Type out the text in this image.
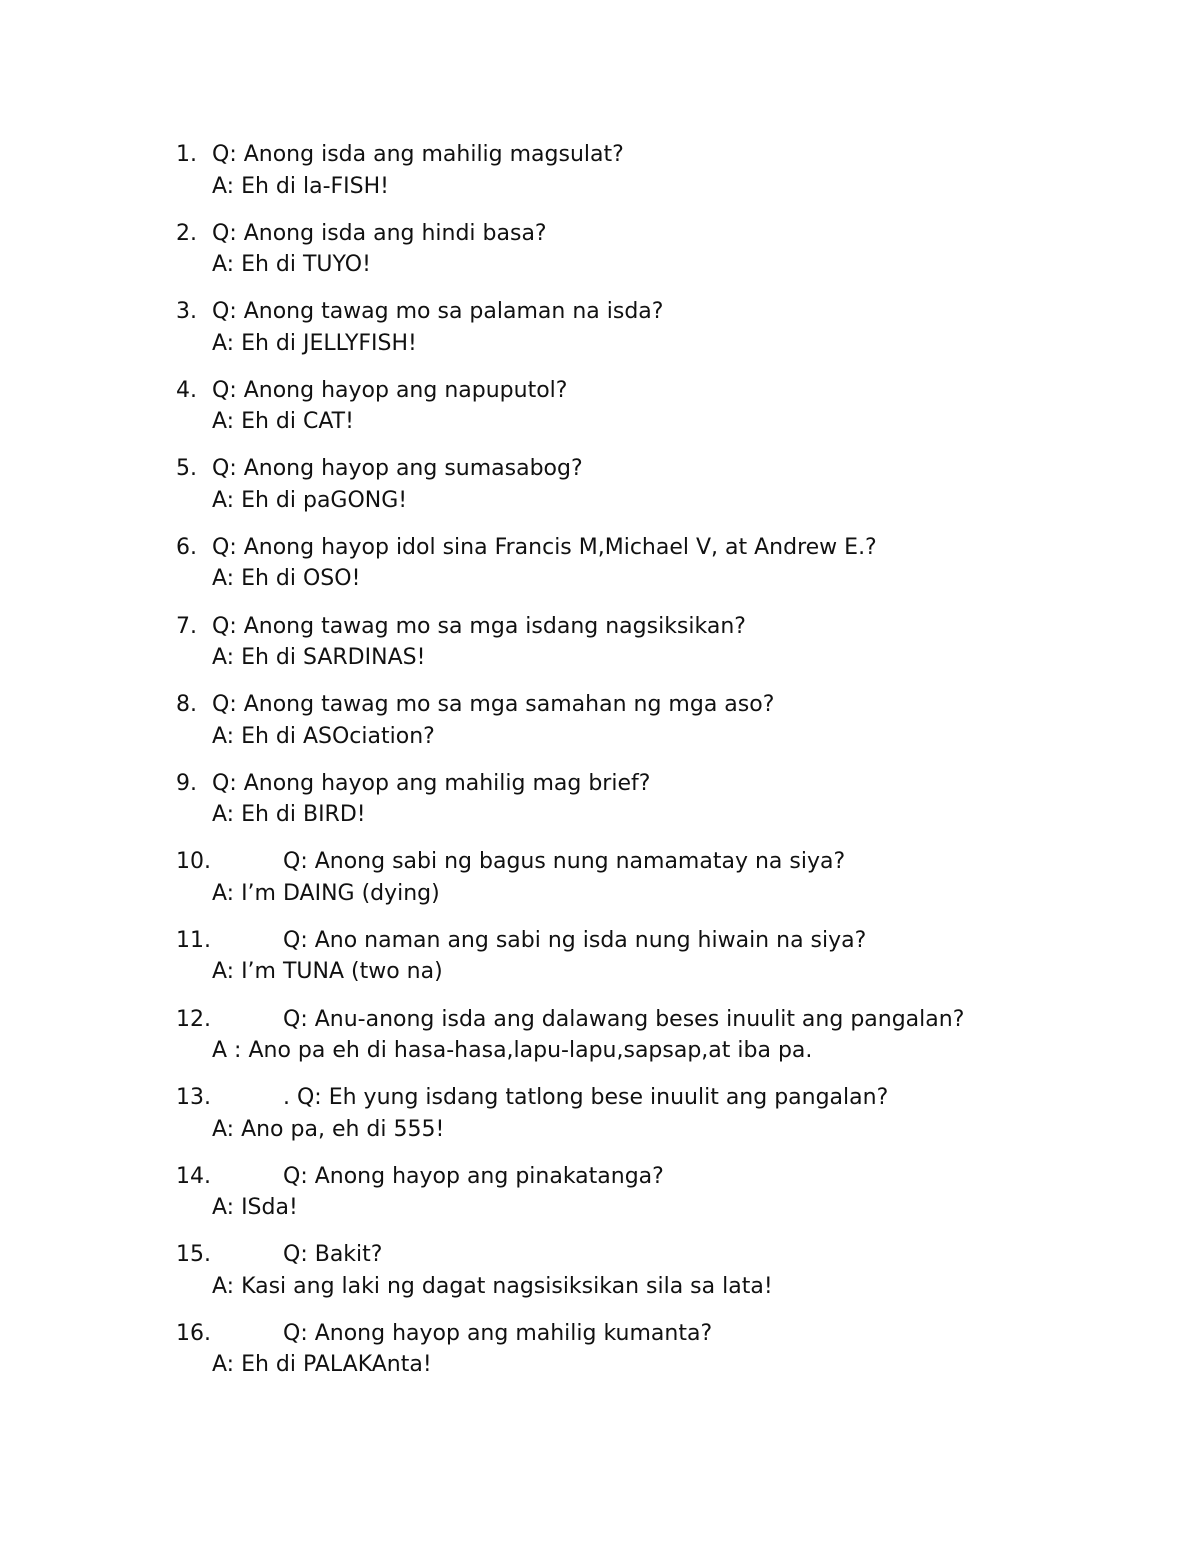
1. Q: Anong isda ang mahilig magsulat?
A: Eh di la-FISH!
2. Q: Anong isda ang hindi basa?
A: Eh di TUYO!
3. Q: Anong tawag mo sa palaman na isda?
A: Eh di JELLYFISH!
4. Q: Anong hayop ang napuputol?
A: Eh di CAT!
5. Q: Anong hayop ang sumasabog?
A: Eh di paGONG!
6. Q: Anong hayop idol sina Francis M,Michael V, at Andrew E.?
A: Eh di OSO!
7. Q: Anong tawag mo sa mga isdang nagsiksikan?
A: Eh di SARDINAS!
8. Q: Anong tawag mo sa mga samahan ng mga aso?
A: Eh di ASOciation?
9. Q: Anong hayop ang mahilig mag brief?
A: Eh di BIRD!
10.	Q: Anong sabi ng bagus nung namamatay na siya?
A: I’m DAING (dying)
11.	Q: Ano naman ang sabi ng isda nung hiwain na siya?
A: I’m TUNA (two na)
12.	Q: Anu-anong isda ang dalawang beses inuulit ang pangalan?
A : Ano pa eh di hasa-hasa,lapu-lapu,sapsap,at iba pa.
13.	. Q: Eh yung isdang tatlong bese inuulit ang pangalan?
A: Ano pa, eh di 555!
14.	Q: Anong hayop ang pinakatanga?
A: ISda!
15.	Q: Bakit?
A: Kasi ang laki ng dagat nagsisiksikan sila sa lata!
16.	Q: Anong hayop ang mahilig kumanta?
A: Eh di PALAKAnta!
